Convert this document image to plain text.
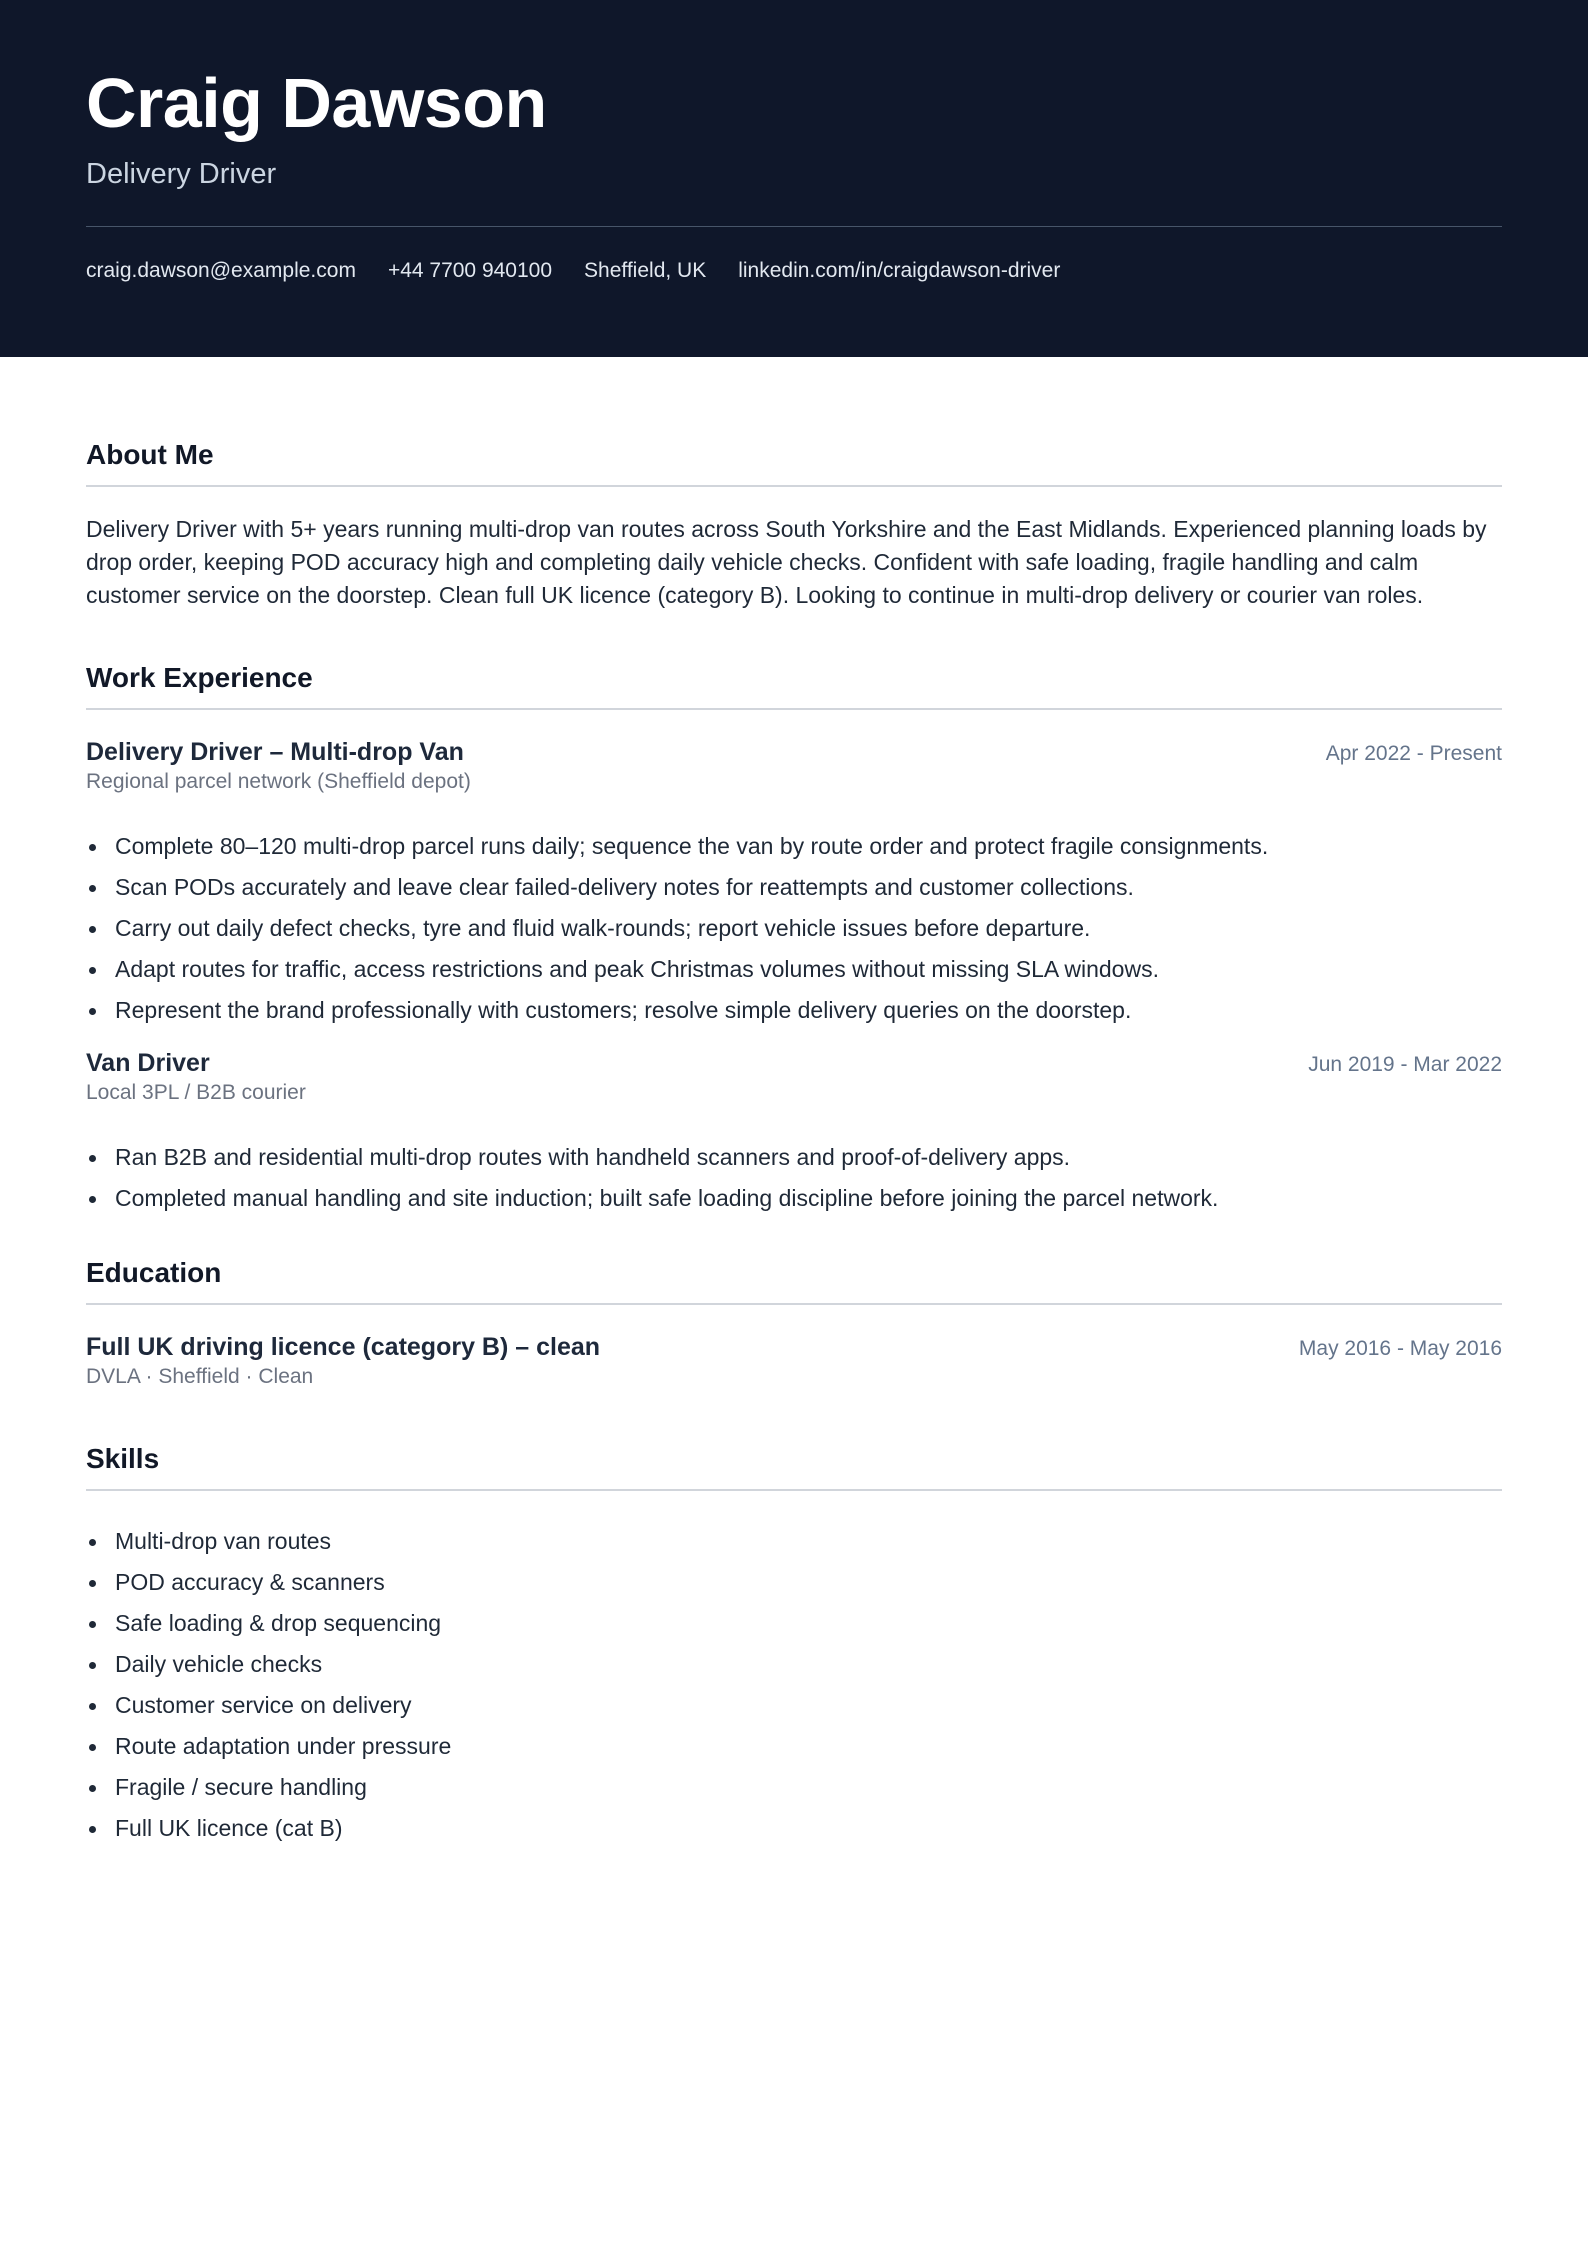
Craig Dawson
Delivery Driver
craig.dawson@example.com +44 7700 940100 Sheffield, UK linkedin.com/in/craigdawson-driver
About Me

Delivery Driver with 5+ years running multi-drop van routes across South Yorkshire and the East Midlands. Experienced planning loads by drop order, keeping POD accuracy high and completing daily vehicle checks. Confident with safe loading, fragile handling and calm customer service on the doorstep. Clean full UK licence (category B). Looking to continue in multi-drop delivery or courier van roles.

Work Experience
Delivery Driver – Multi-drop Van	Apr 2022 - Present
Regional parcel network (Sheffield depot)
Complete 80–120 multi-drop parcel runs daily; sequence the van by route order and protect fragile consignments.
Scan PODs accurately and leave clear failed-delivery notes for reattempts and customer collections.
Carry out daily defect checks, tyre and fluid walk-rounds; report vehicle issues before departure.
Adapt routes for traffic, access restrictions and peak Christmas volumes without missing SLA windows.
Represent the brand professionally with customers; resolve simple delivery queries on the doorstep.
Van Driver	Jun 2019 - Mar 2022
Local 3PL / B2B courier
Ran B2B and residential multi-drop routes with handheld scanners and proof-of-delivery apps.
Completed manual handling and site induction; built safe loading discipline before joining the parcel network.
Education
Full UK driving licence (category B) – clean	May 2016 - May 2016
DVLA · Sheffield · Clean
Skills
Multi-drop van routes
POD accuracy & scanners
Safe loading & drop sequencing
Daily vehicle checks
Customer service on delivery
Route adaptation under pressure
Fragile / secure handling
Full UK licence (cat B)
